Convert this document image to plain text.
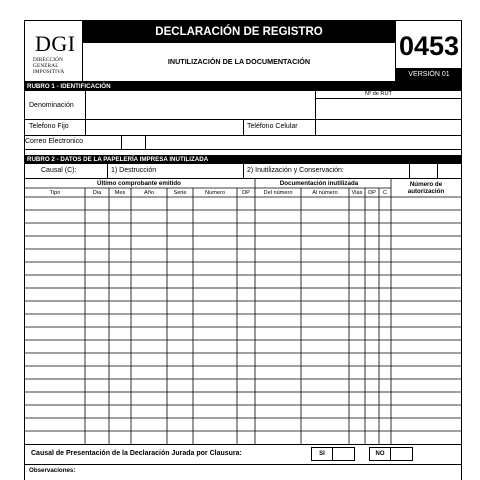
DGI
DIRECCIÓN
GENERAL
IMPOSITIVA
DECLARACIÓN DE REGISTRO
INUTILIZACIÓN DE LA DOCUMENTACIÓN
0453
VERSIÓN 01
RUBRO 1 - IDENTIFICACIÓN
Nº de RUT
Denominación
Telefono Fijo	Teléfono Celular
Correo Electronico
RUBRO 2 - DATOS DE LA PAPELERÍA IMPRESA INUTILIZADA
Causal (C):	1) Destrucción	2) Inutilización y Conservación:
Último comprobante emitido	Documentación inutilizada	Número de
autorización
Tipo	Dia	Mes	Año	Serie	Numero	DP	Del número	Al número	Vias	DP	C
Causal de Presentación de la Declaración Jurada por Clausura:	SI	NO
Observaciones:
